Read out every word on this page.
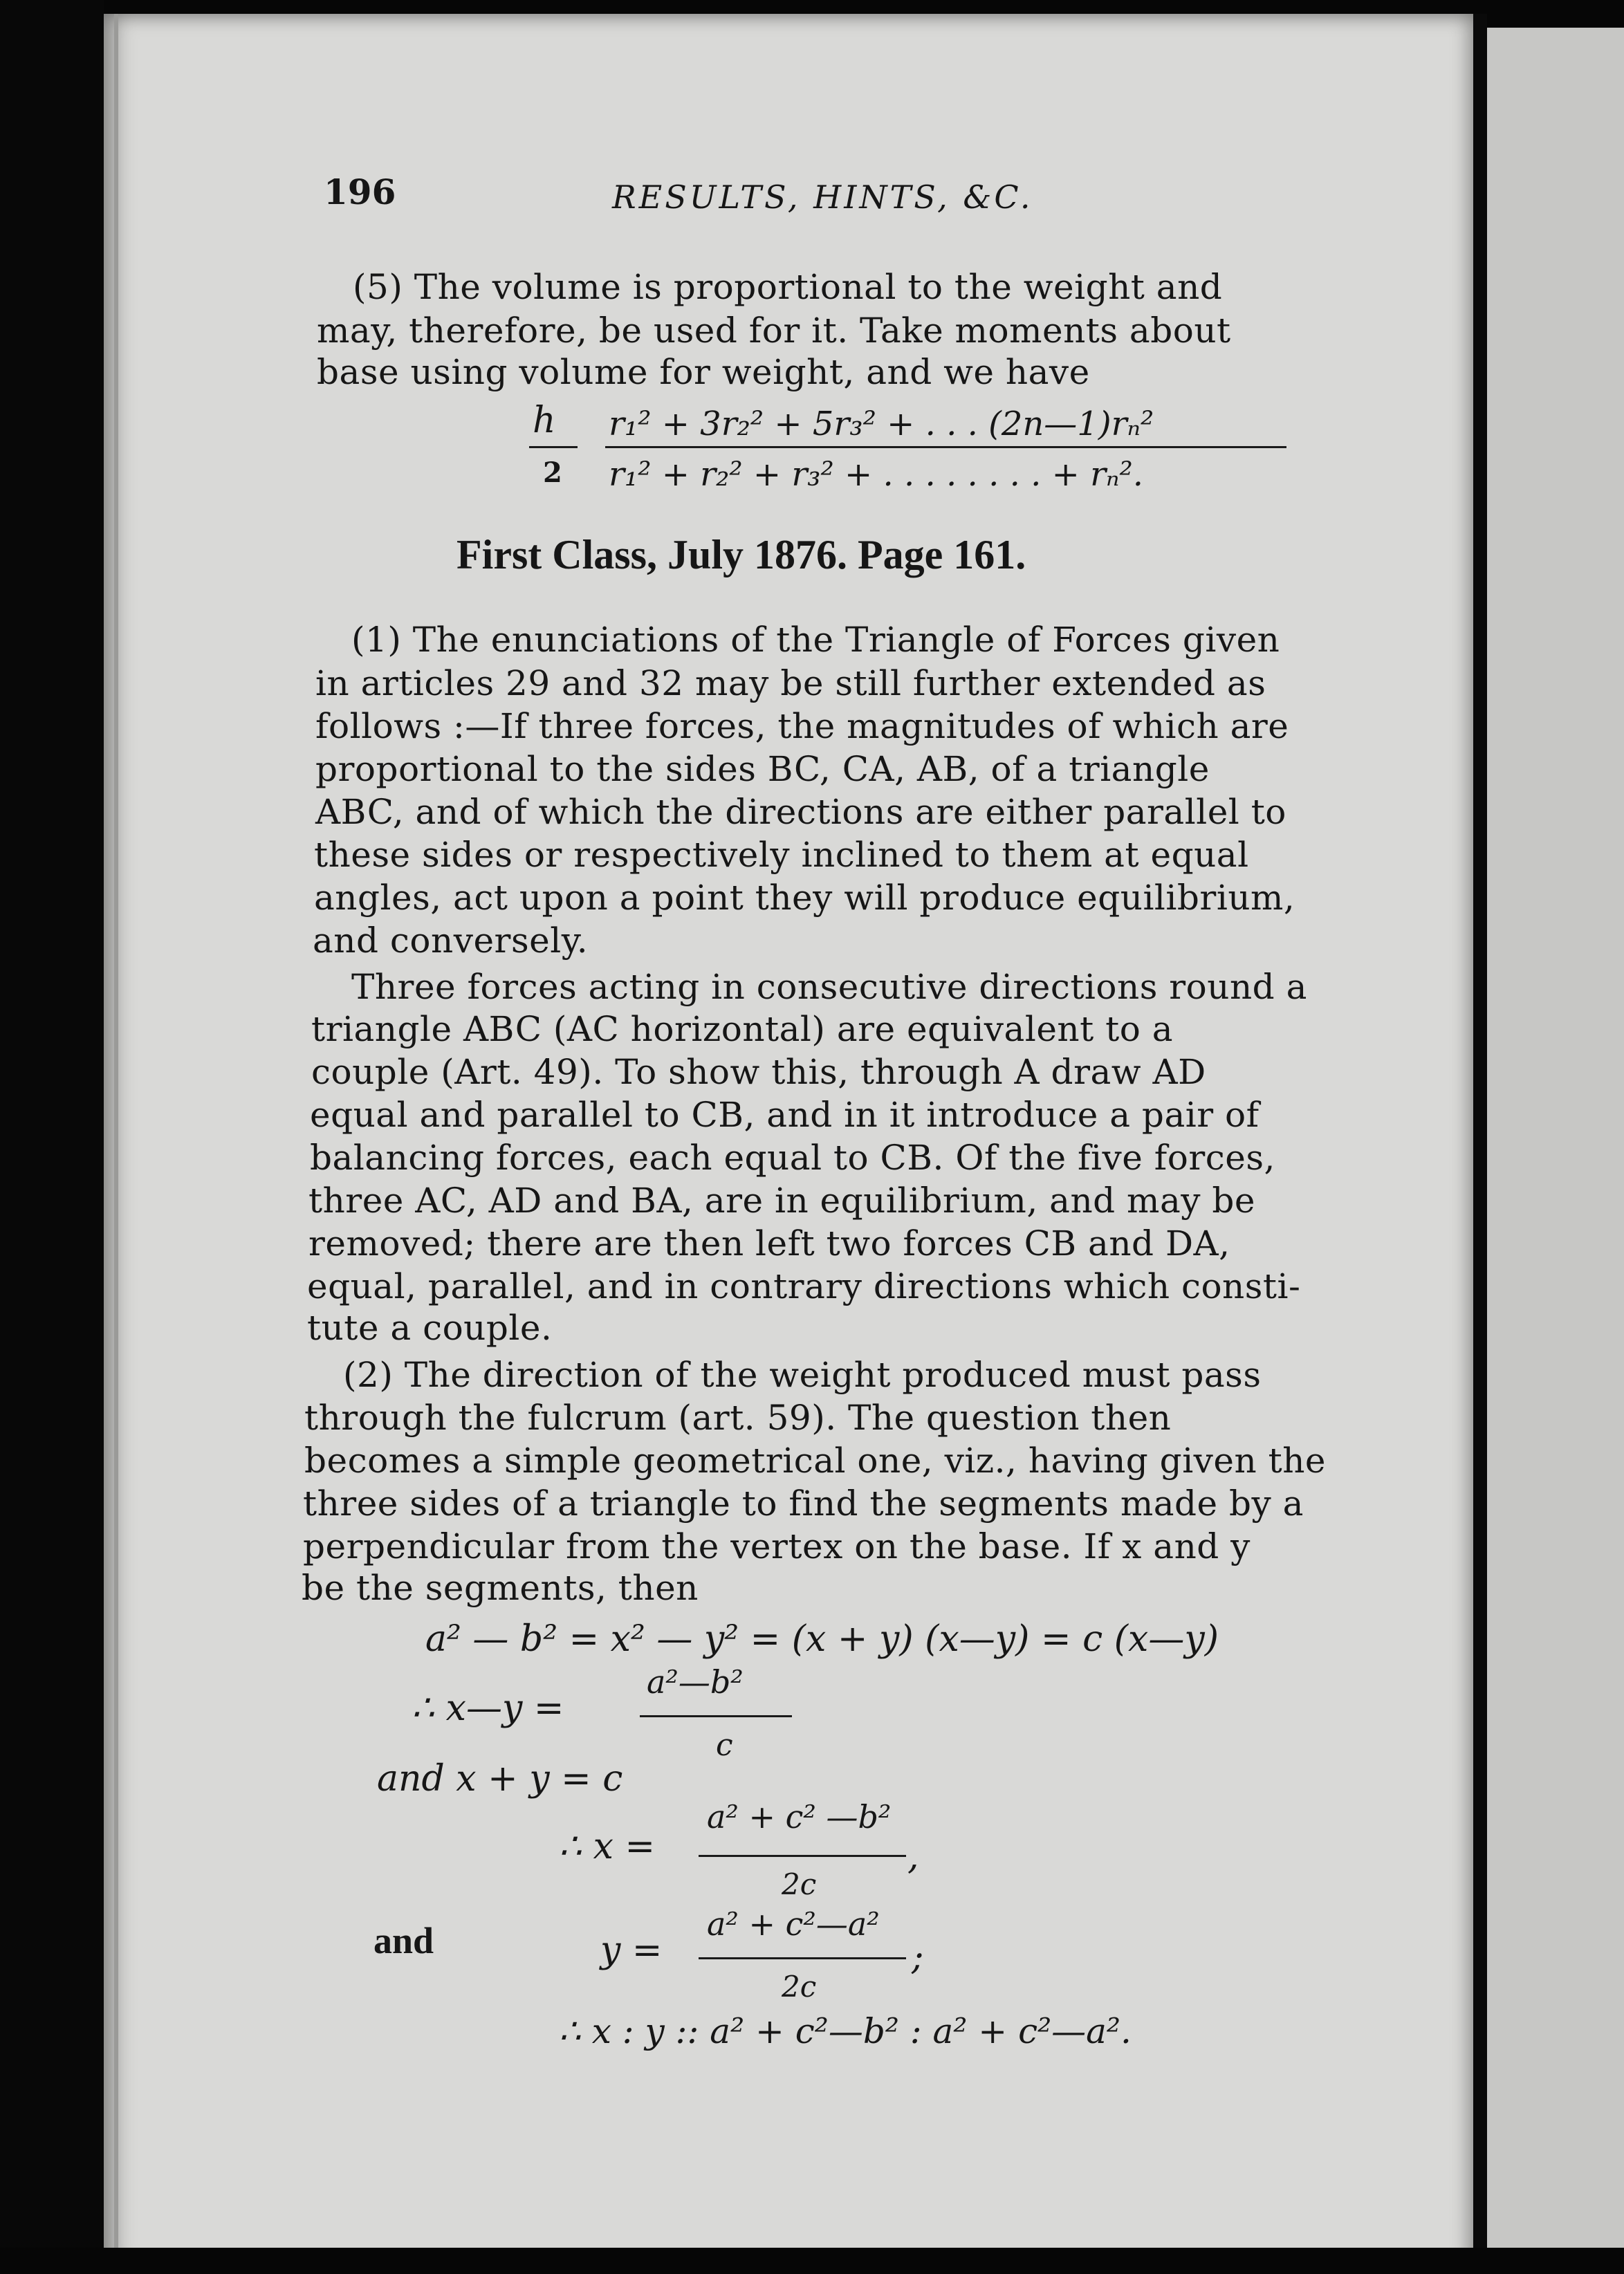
196	RESULTS, HINTS, &C.
(5) The volume is proportional to the weight and
may, therefore, be used for it. Take moments about
base using volume for weight, and we have
h
2
r₁² + 3r₂² + 5r₃² + . . . (2n—1)rₙ²
r₁² + r₂² + r₃² + . . . . . . . . + rₙ².
First Class, July 1876. Page 161.
(1) The enunciations of the Triangle of Forces given
in articles 29 and 32 may be still further extended as
follows :—If three forces, the magnitudes of which are
proportional to the sides BC, CA, AB, of a triangle
ABC, and of which the directions are either parallel to
these sides or respectively inclined to them at equal
angles, act upon a point they will produce equilibrium,
and conversely.
Three forces acting in consecutive directions round a
triangle ABC (AC horizontal) are equivalent to a
couple (Art. 49). To show this, through A draw AD
equal and parallel to CB, and in it introduce a pair of
balancing forces, each equal to CB. Of the five forces,
three AC, AD and BA, are in equilibrium, and may be
removed; there are then left two forces CB and DA,
equal, parallel, and in contrary directions which consti-
tute a couple.
(2) The direction of the weight produced must pass
through the fulcrum (art. 59). The question then
becomes a simple geometrical one, viz., having given the
three sides of a triangle to find the segments made by a
perpendicular from the vertex on the base. If x and y
be the segments, then
a² — b² = x² — y² = (x + y) (x—y) = c (x—y)
∴ x—y =
a²—b²
c
and x + y = c
∴ x =
a² + c² —b²
,
2c
and	y =
a² + c²—a²
;
2c
∴ x : y :: a² + c²—b² : a² + c²—a².
